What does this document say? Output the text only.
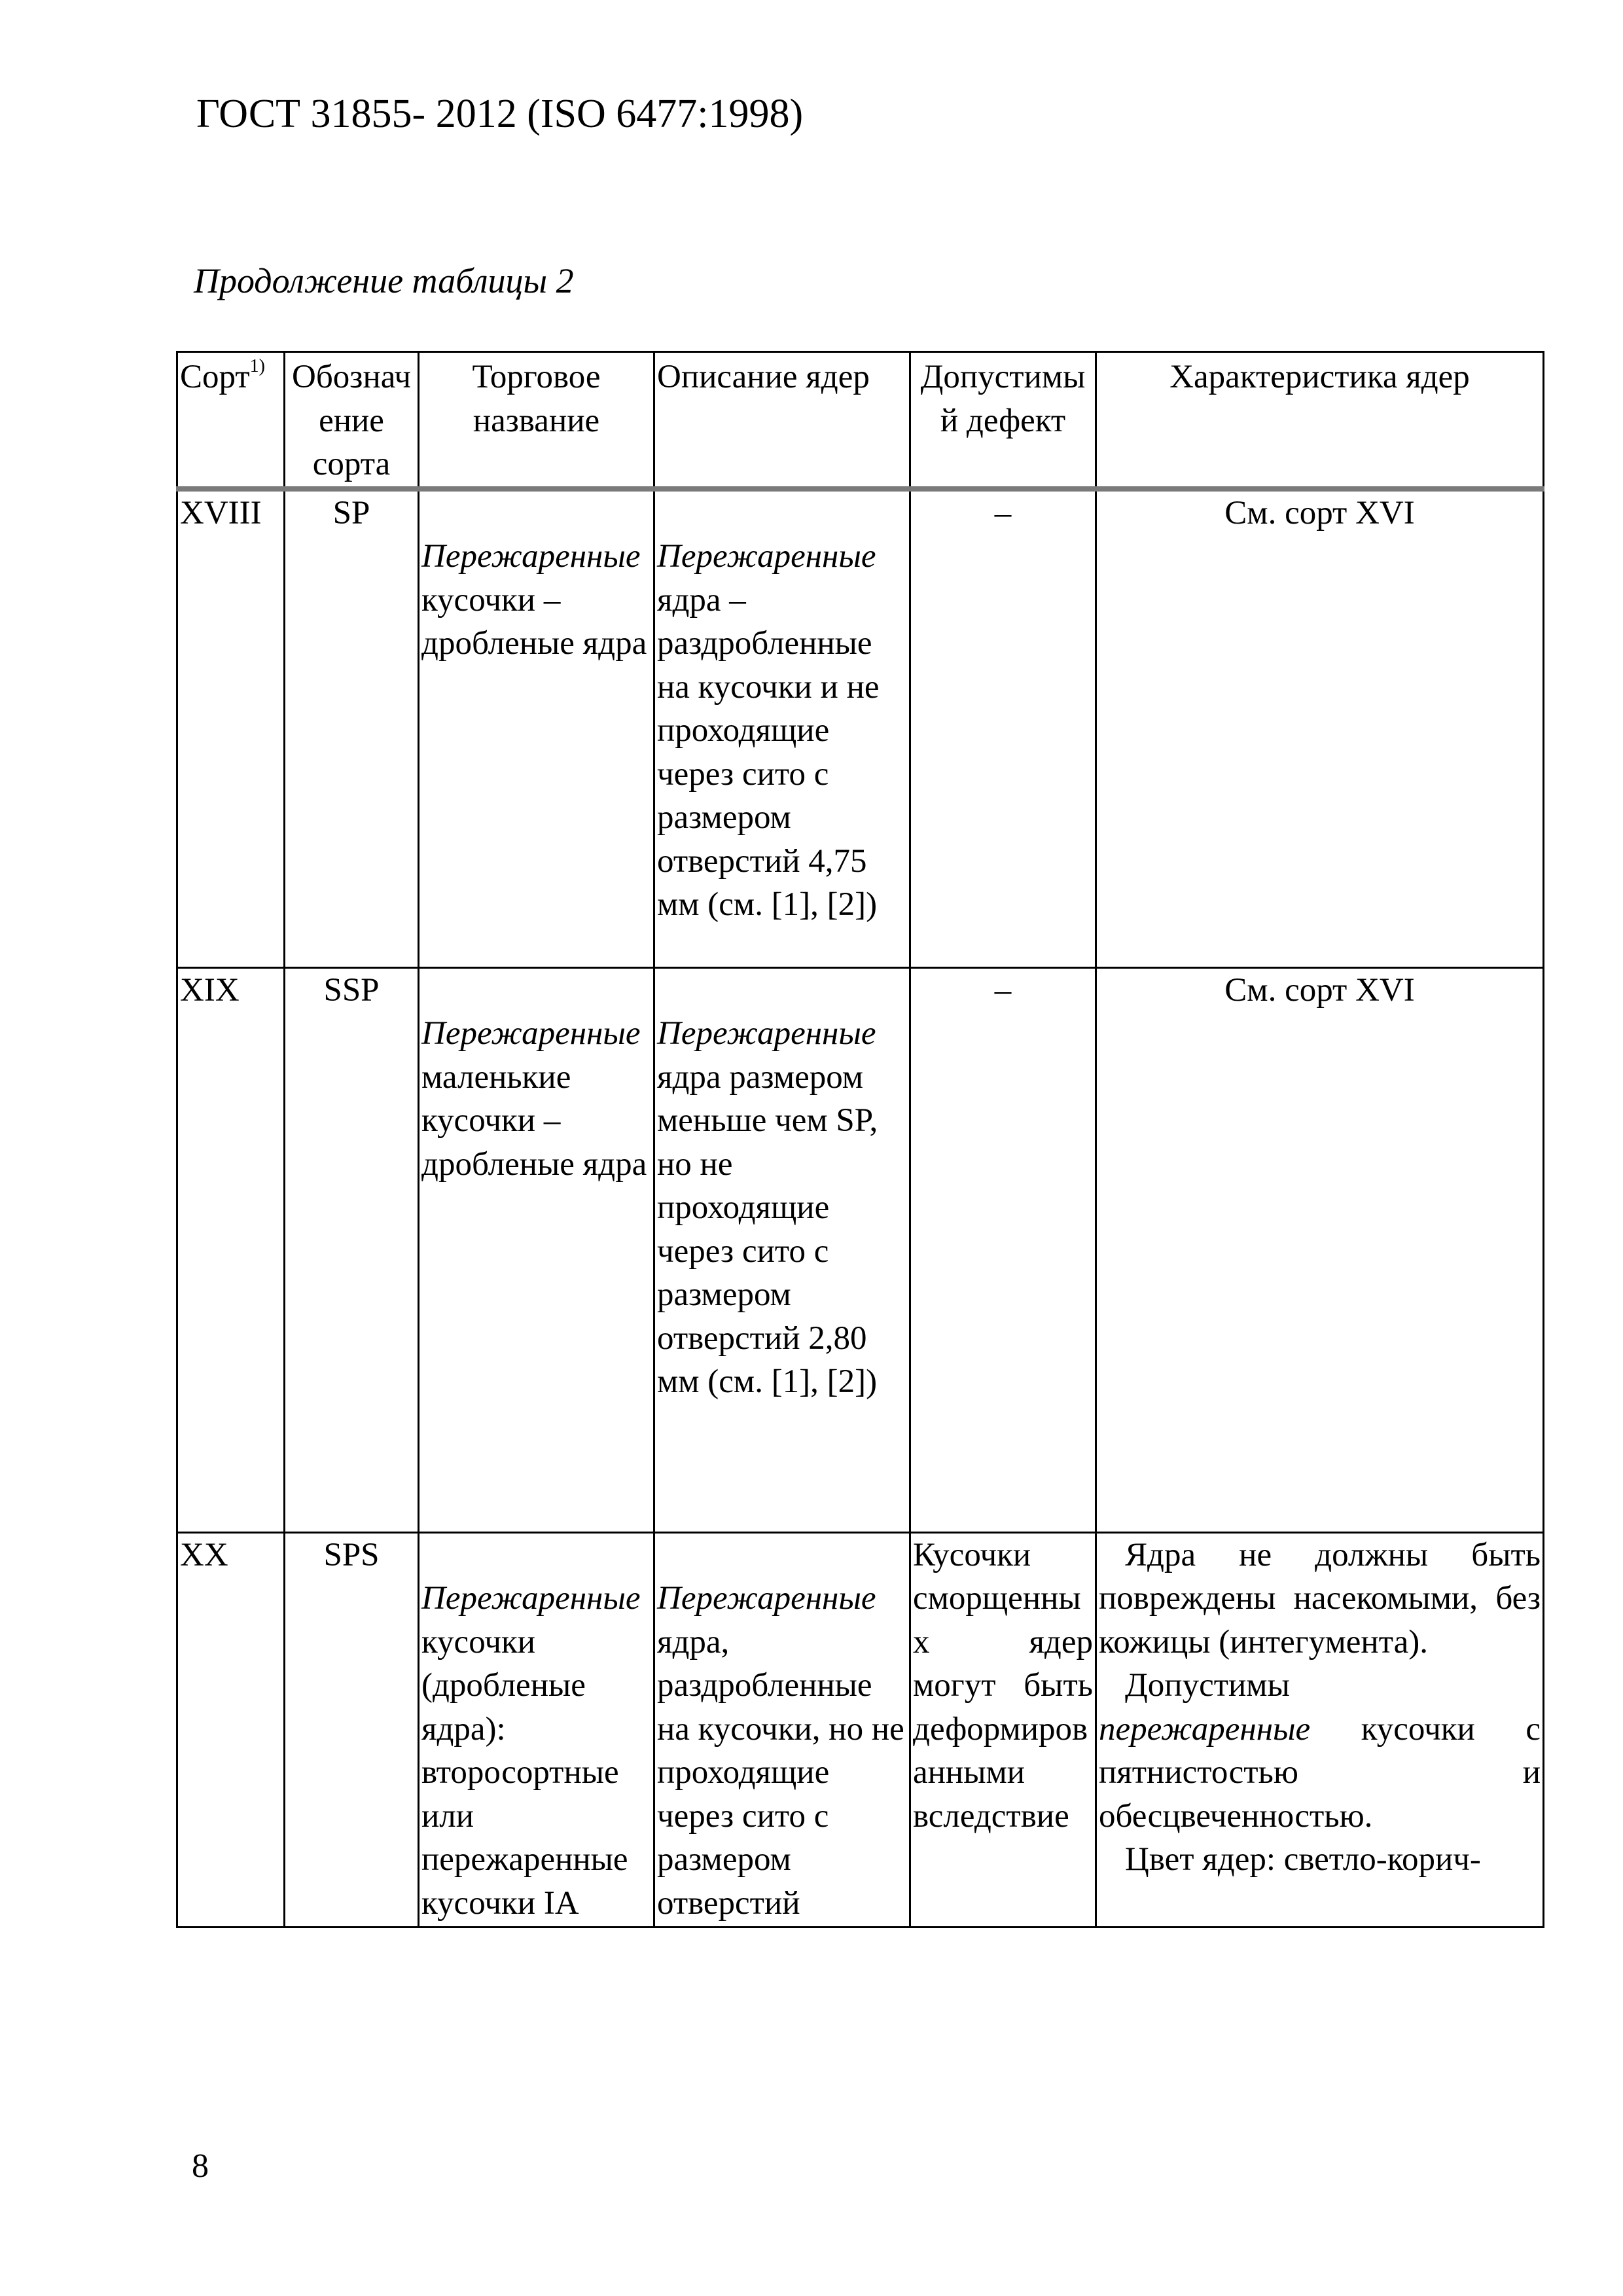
ГОСТ 31855- 2012 (ISO 6477:1998)
Продолжение таблицы 2
Сорт$^{1)}$	Обозначение сорта	Торговое название	Описание ядер	Допустимый дефект	Характеристика ядер
XVIII	SP	Пережаренные кусочки – дробленые ядра	Пережаренные ядра – раздробленные на кусочки и не проходящие через сито с размером отверстий 4,75 мм (см. [1], [2])	–	См. сорт XVI
XIX	SSP	Пережаренные маленькие кусочки – дробленые ядра	Пережаренные ядра размером меньше чем SP, но не проходящие через сито с размером отверстий 2,80 мм (см. [1], [2])	–	См. сорт XVI
XX	SPS	Пережаренные кусочки (дробленые ядра): второсортные или пережаренные кусочки IA	Пережаренные ядра, раздробленные на кусочки, но не проходящие через сито с размером отверстий	Кусочки сморщенных ядер могут быть деформированными вследствие	Ядра не должны быть повреждены насекомыми, без кожицы (интегумента).
Допустимы
пережаренные кусочки с пятнистостью и обесцвеченностью.
Цвет ядер: светло-корич-
8
